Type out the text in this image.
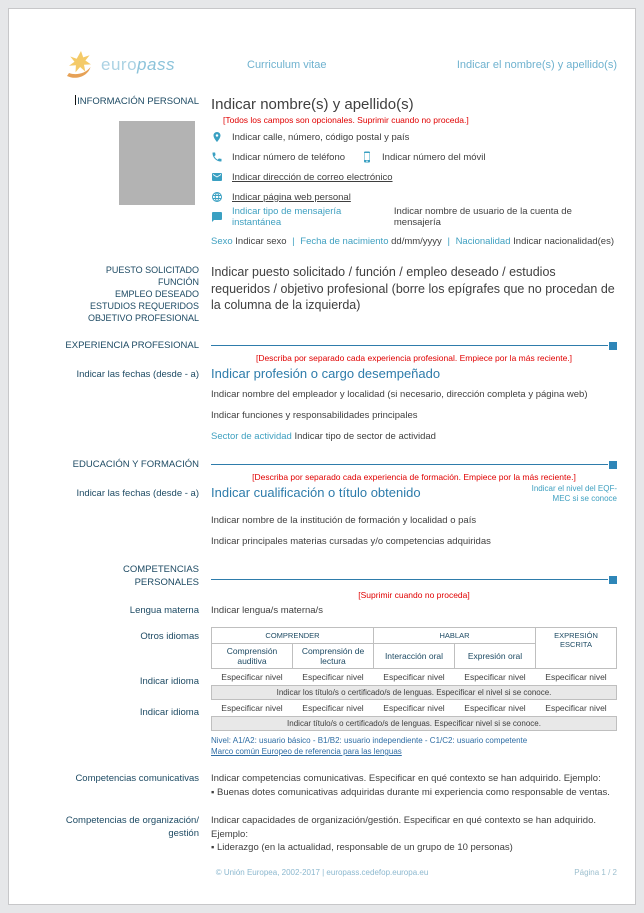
euro pass	Curriculum vitae	Indicar el nombre(s) y apellido(s)
INFORMACIÓN PERSONAL Indicar nombre(s) y apellido(s)
[Todos los campos son opcionales. Suprimir cuando no proceda.]
Indicar calle, número, código postal y país
Indicar número de teléfono	Indicar número del móvil
Indicar dirección de correo electrónico
Indicar página web personal
Indicar tipo de mensajería instantánea
Indicar nombre de usuario de la cuenta de mensajería
Sexo Indicar sexo | Fecha de nacimiento dd/mm/yyyy | Nacionalidad Indicar nacionalidad(es)
PUESTO SOLICITADO
FUNCIÓN
EMPLEO DESEADO
ESTUDIOS REQUERIDOS
OBJETIVO PROFESIONAL
Indicar puesto solicitado / función / empleo deseado / estudios requeridos / objetivo profesional (borre los epígrafes que no procedan de la columna de la izquierda)
EXPERIENCIA PROFESIONAL
[Describa por separado cada experiencia profesional. Empiece por la más reciente.]
Indicar las fechas (desde - a) Indicar profesión o cargo desempeñado
Indicar nombre del empleador y localidad (si necesario, dirección completa y página web)
Indicar funciones y responsabilidades principales
Sector de actividad Indicar tipo de sector de actividad
EDUCACIÓN Y FORMACIÓN
[Describa por separado cada experiencia de formación. Empiece por la más reciente.]
Indicar las fechas (desde - a) Indicar cualificación o título obtenido	Indicar el nivel del EQF-MEC si se conoce
Indicar nombre de la institución de formación y localidad o país
Indicar principales materias cursadas y/o competencias adquiridas
COMPETENCIAS PERSONALES
[Suprimir cuando no proceda]
Lengua materna Indicar lengua/s materna/s
Otros idiomas
Indicar idioma
Indicar idioma
COMPRENDER		HABLAR		EXPRESIÓN ESCRITA
Comprensión auditiva	Comprensión de lectura	Interacción oral	Expresión oral	
Especificar nivel	Especificar nivel	Especificar nivel	Especificar nivel	Especificar nivel
Indicar los título/s o certificado/s de lenguas. Especificar el nivel si se conoce.				
Especificar nivel	Especificar nivel	Especificar nivel	Especificar nivel	Especificar nivel
Indicar título/s o certificado/s de lenguas. Especificar nivel si se conoce.				
Nivel: A1/A2: usuario básico - B1/B2: usuario independiente - C1/C2: usuario competente
Marco común Europeo de referencia para las lenguas
Competencias comunicativas Indicar competencias comunicativas. Especificar en qué contexto se han adquirido. Ejemplo:
▪ Buenas dotes comunicativas adquiridas durante mi experiencia como responsable de ventas.
Competencias de organización/ gestión
Indicar capacidades de organización/gestión. Especificar en qué contexto se han adquirido. Ejemplo:
▪ Liderazgo (en la actualidad, responsable de un grupo de 10 personas)
© Unión Europea, 2002-2017 | europass.cedefop.europa.eu	Página 1 / 2
